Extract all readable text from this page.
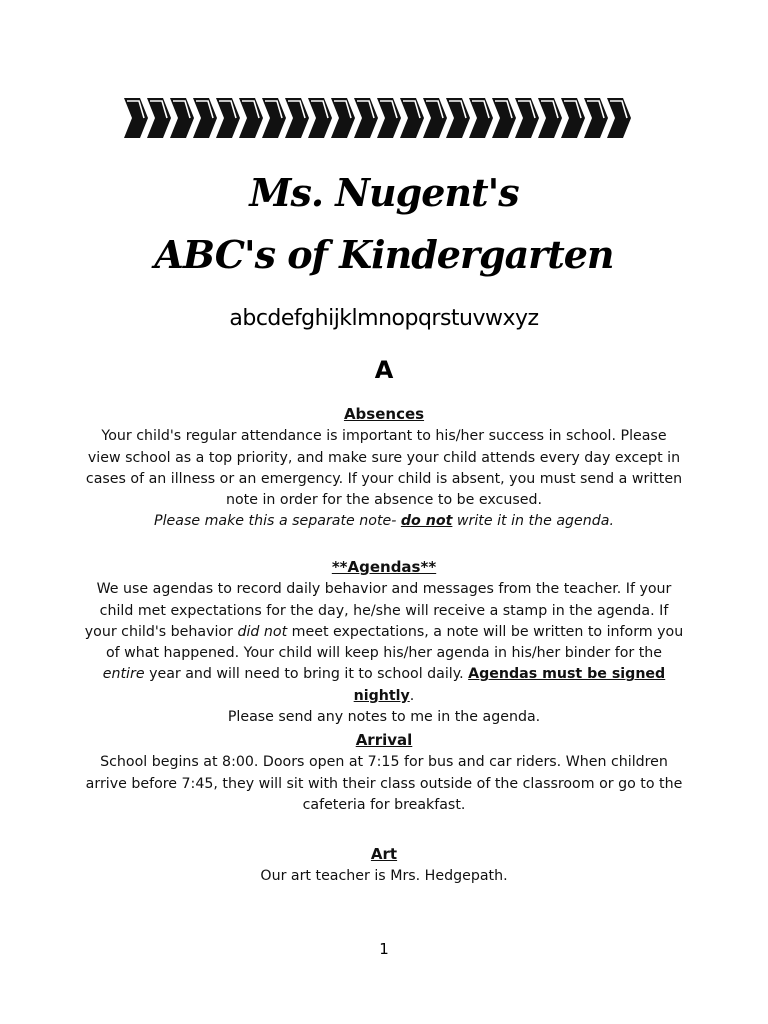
Ms. Nugent's
ABC's of Kindergarten
abcdefghijklmnopqrstuvwxyz
A
Absences

Your child's regular attendance is important to his/her success in school. Please view school as a top priority, and make sure your child attends every day except in cases of an illness or an emergency. If your child is absent, you must send a written note in order for the absence to be excused.

Please make this a separate note- do not write it in the agenda.

**Agendas**

We use agendas to record daily behavior and messages from the teacher. If your child met expectations for the day, he/she will receive a stamp in the agenda. If your child's behavior did not meet expectations, a note will be written to inform you of what happened. Your child will keep his/her agenda in his/her binder for the entire year and will need to bring it to school daily. Agendas must be signed nightly.

Please send any notes to me in the agenda.

Arrival

School begins at 8:00. Doors open at 7:15 for bus and car riders. When children arrive before 7:45, they will sit with their class outside of the classroom or go to the cafeteria for breakfast.

Art

Our art teacher is Mrs. Hedgepath.

1
